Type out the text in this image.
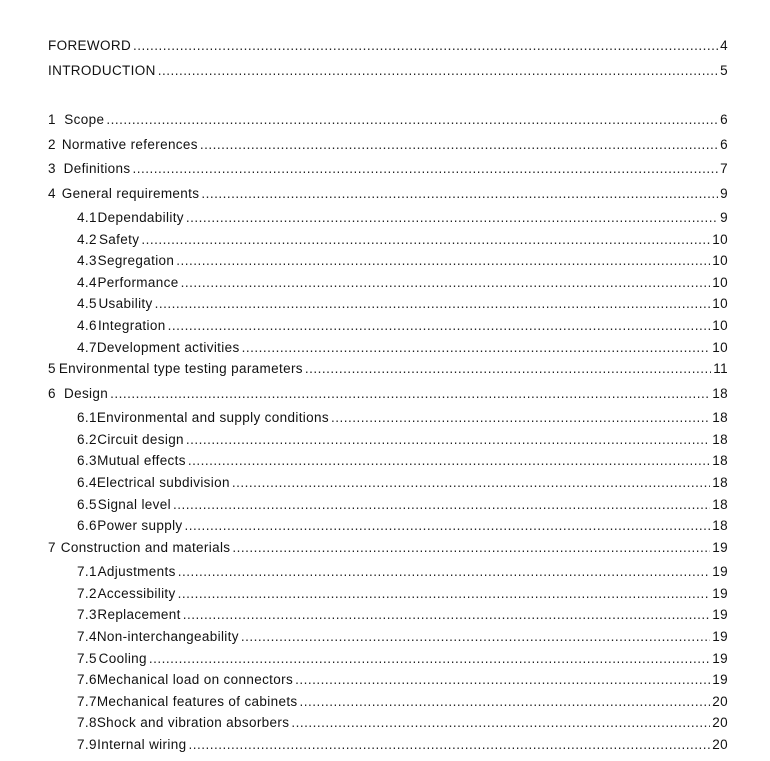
FOREWORD .....	4
INTRODUCTION .....	5
1 Scope .....	6
2 Normative references .....	6
3 Definitions .....	7
4 General requirements .....	9
4.1 Dependability .....	9
4.2 Safety .....	10
4.3 Segregation .....	10
4.4 Performance .....	10
4.5 Usability .....	10
4.6 Integration .....	10
4.7 Development activities .....	10
5 Environmental type testing parameters .....	11
6 Design .....	18
6.1 Environmental and supply conditions .....	18
6.2 Circuit design .....	18
6.3 Mutual effects .....	18
6.4 Electrical subdivision .....	18
6.5 Signal level .....	18
6.6 Power supply .....	18
7 Construction and materials .....	19
7.1 Adjustments .....	19
7.2 Accessibility .....	19
7.3 Replacement .....	19
7.4 Non-interchangeability .....	19
7.5 Cooling .....	19
7.6 Mechanical load on connectors .....	19
7.7 Mechanical features of cabinets .....	20
7.8 Shock and vibration absorbers .....	20
7.9 Internal wiring .....	20
